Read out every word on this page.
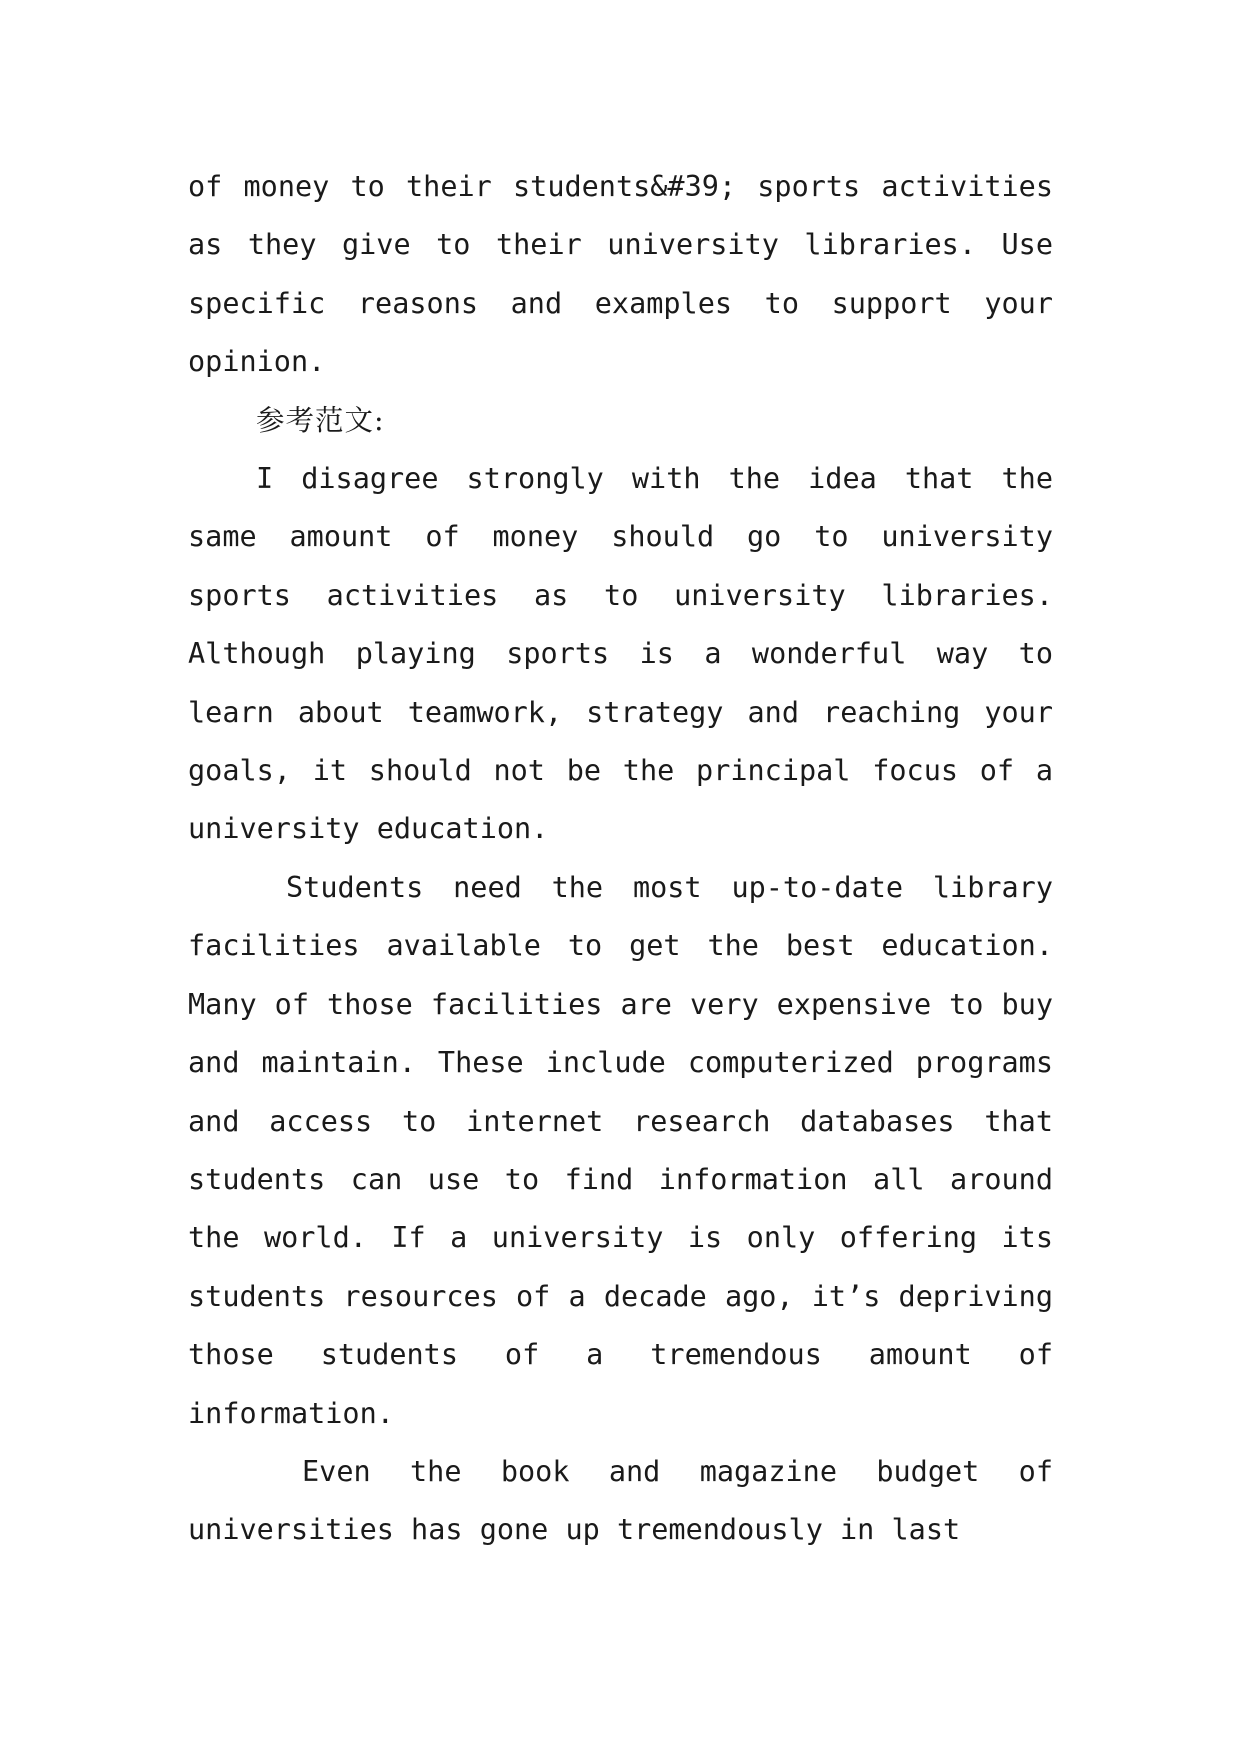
of money to their students&#39; sports activities as they give to their university libraries. Use specific reasons and examples to support your opinion.

参考范文:

I disagree strongly with the idea that the same amount of money should go to university sports activities as to university libraries. Although playing sports is a wonderful way to learn about teamwork, strategy and reaching your goals, it should not be the principal focus of a university education.

Students need the most up-to-date library facilities available to get the best education. Many of those facilities are very expensive to buy and maintain. These include computerized programs and access to internet research databases that students can use to find information all around the world. If a university is only offering its students resources of a decade ago, it’s depriving those students of a tremendous amount of information.

Even the book and magazine budget of universities has gone up tremendously in last
